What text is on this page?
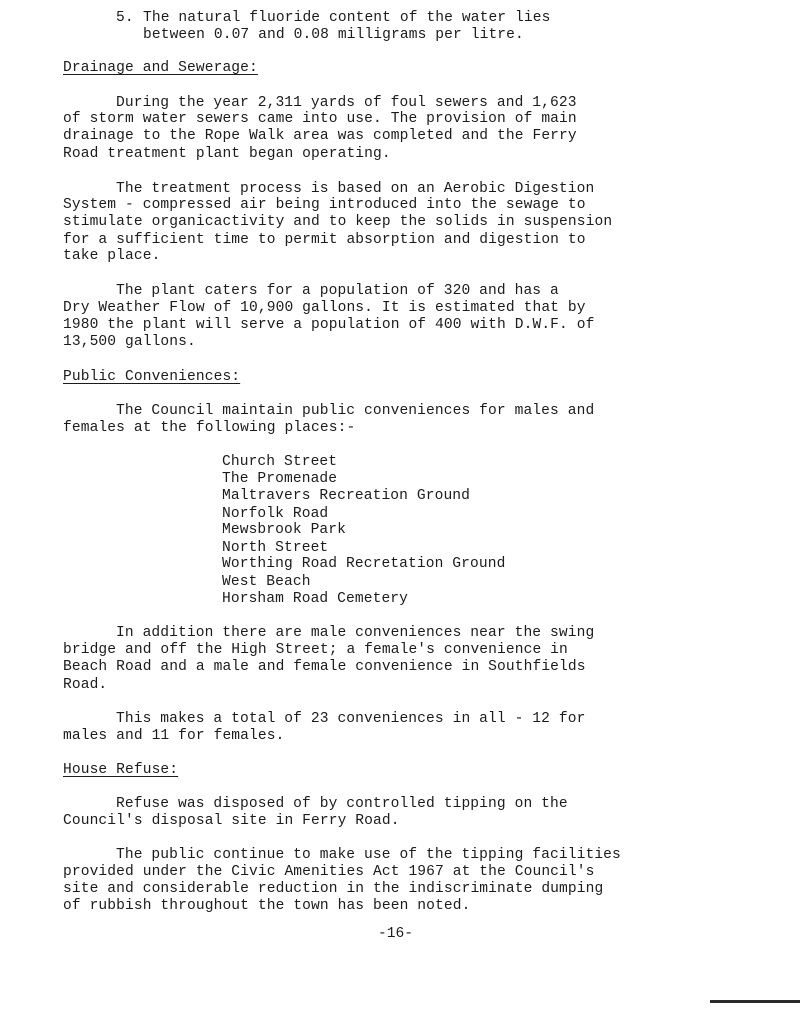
5. The natural fluoride content of the water lies
between 0.07 and 0.08 milligrams per litre.
Drainage and Sewerage:
During the year 2,311 yards of foul sewers and 1,623
of storm water sewers came into use. The provision of main
drainage to the Rope Walk area was completed and the Ferry
Road treatment plant began operating.
The treatment process is based on an Aerobic Digestion
System - compressed air being introduced into the sewage to
stimulate organicactivity and to keep the solids in suspension
for a sufficient time to permit absorption and digestion to
take place.
The plant caters for a population of 320 and has a
Dry Weather Flow of 10,900 gallons. It is estimated that by
1980 the plant will serve a population of 400 with D.W.F. of
13,500 gallons.
Public Conveniences:
The Council maintain public conveniences for males and
females at the following places:-
Church Street
The Promenade
Maltravers Recreation Ground
Norfolk Road
Mewsbrook Park
North Street
Worthing Road Recretation Ground
West Beach
Horsham Road Cemetery
In addition there are male conveniences near the swing
bridge and off the High Street; a female's convenience in
Beach Road and a male and female convenience in Southfields
Road.
This makes a total of 23 conveniences in all - 12 for
males and 11 for females.
House Refuse:
Refuse was disposed of by controlled tipping on the
Council's disposal site in Ferry Road.
-16-
The public continue to make use of the tipping facilities
provided under the Civic Amenities Act 1967 at the Council's
site and considerable reduction in the indiscriminate dumping
of rubbish throughout the town has been noted.
